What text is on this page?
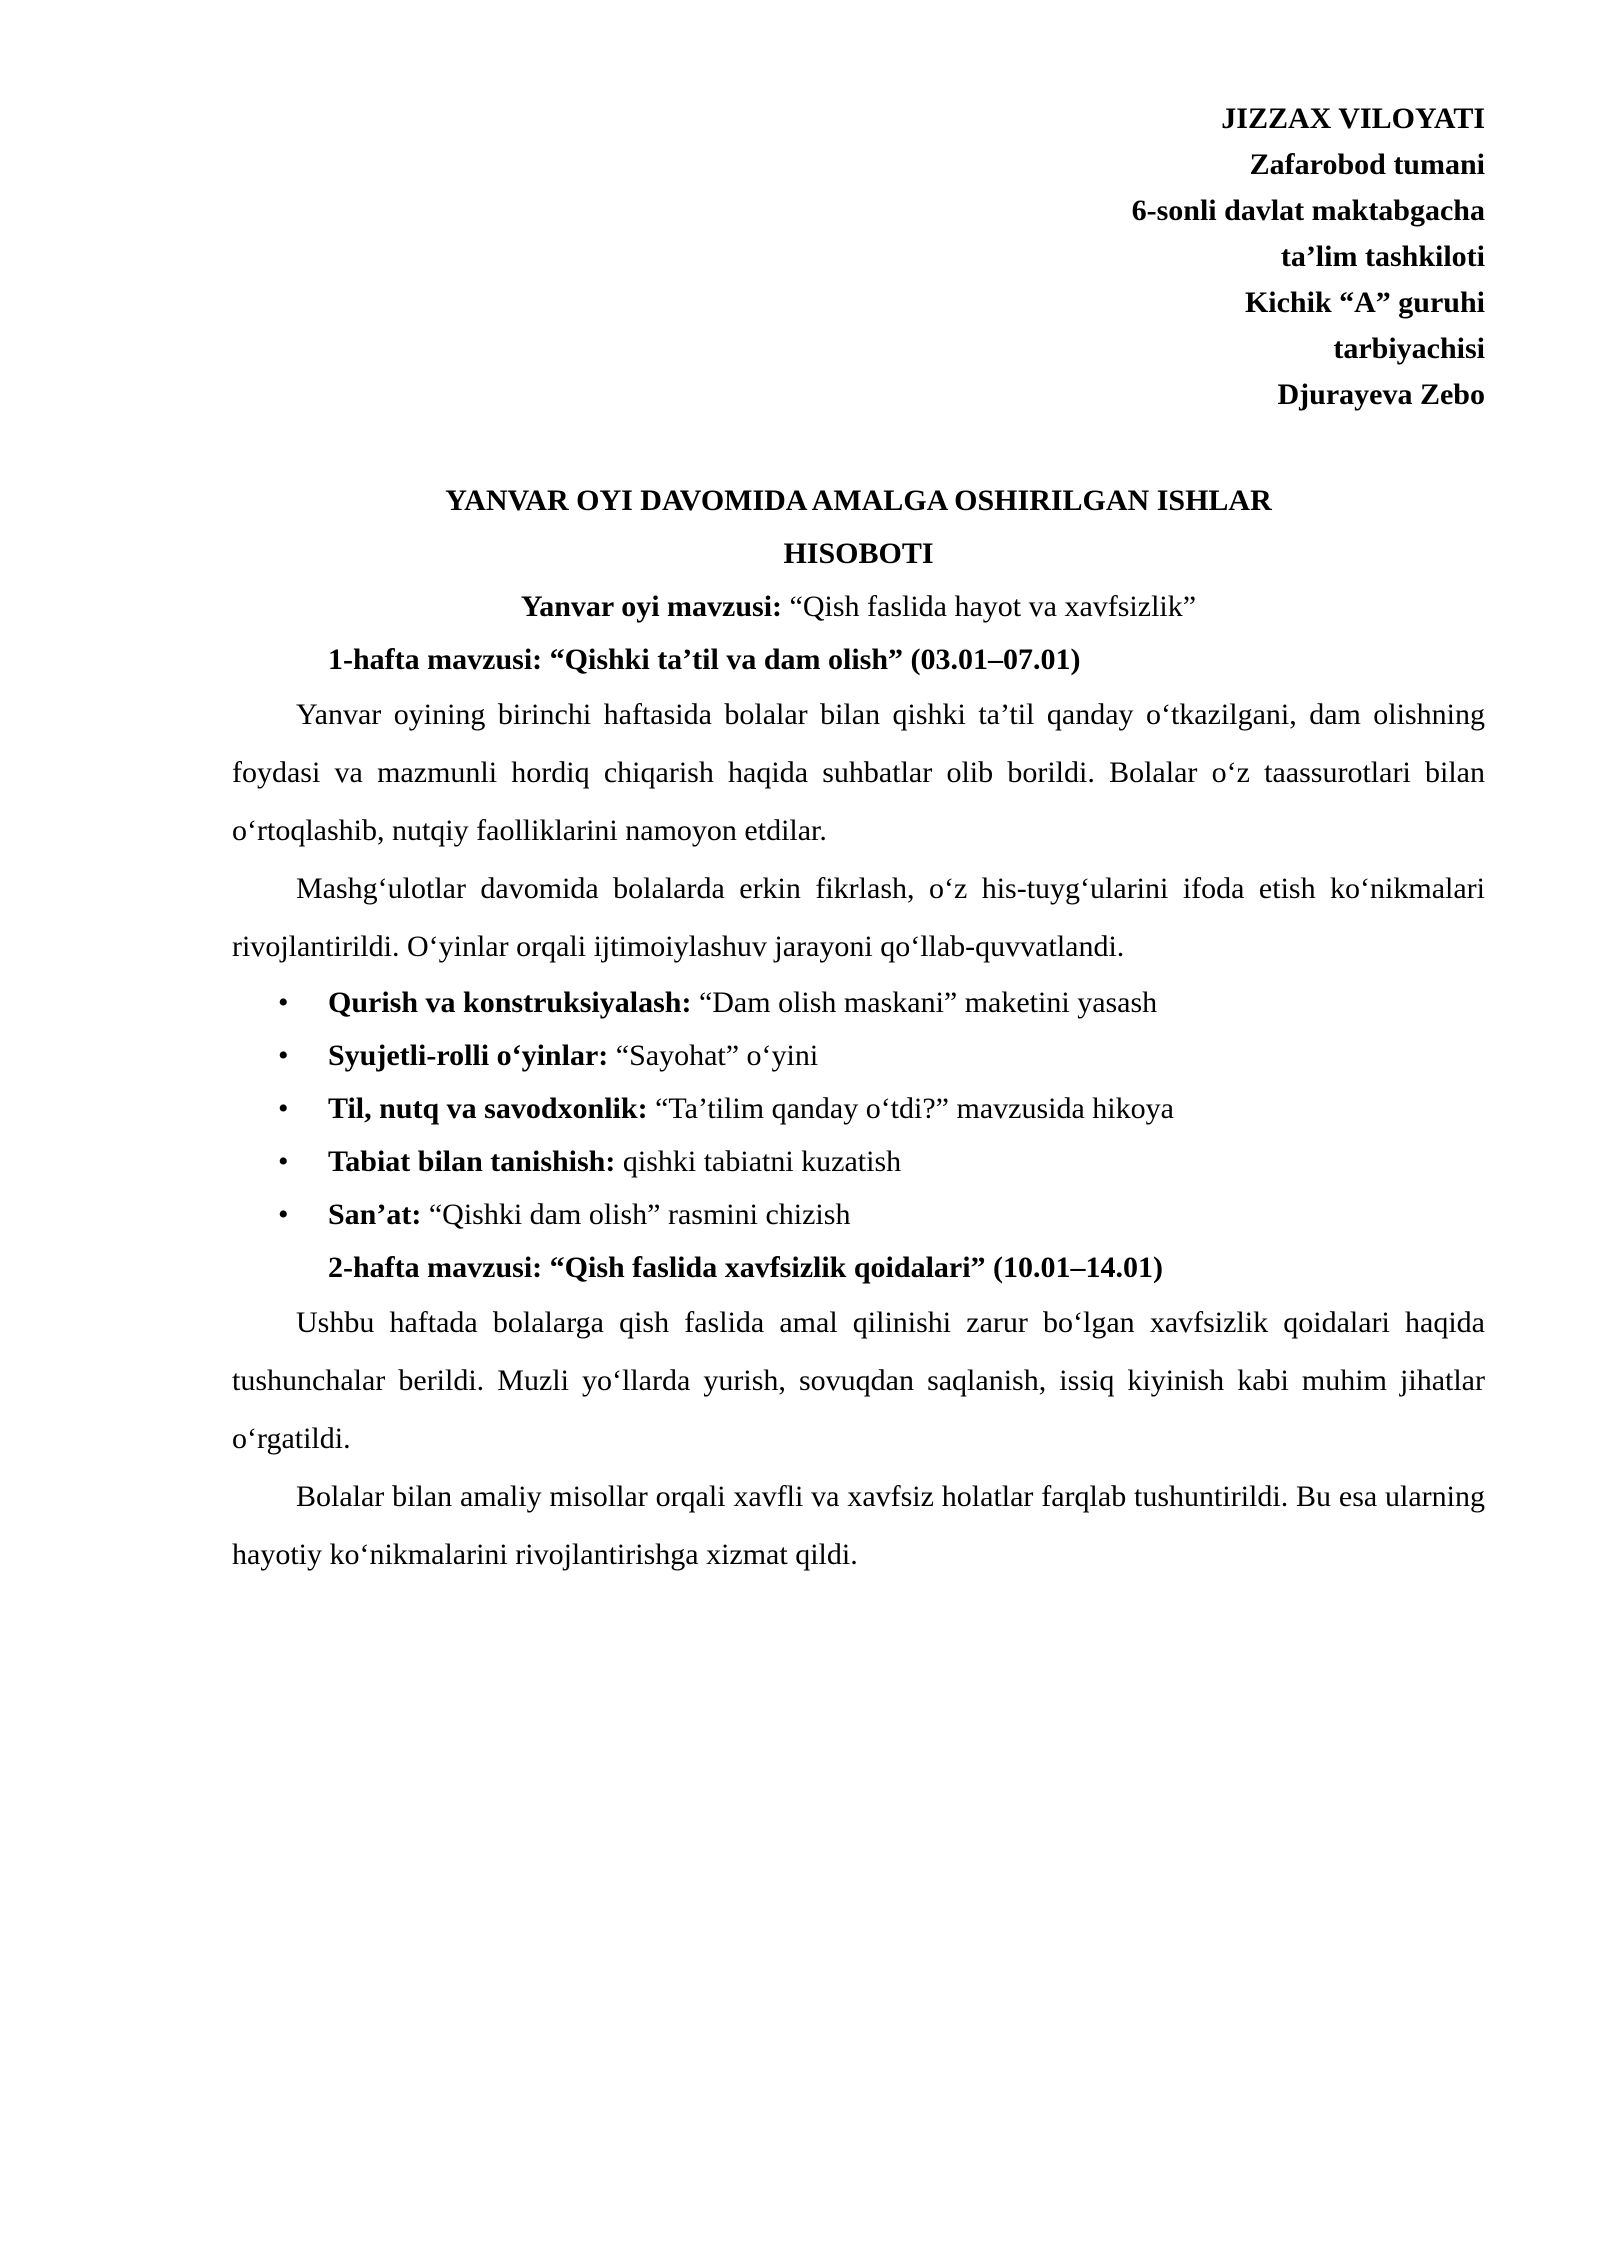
JIZZAX VILOYATI
Zafarobod tumani
6-sonli davlat maktabgacha
ta’lim tashkiloti
Kichik “A” guruhi
tarbiyachisi
Djurayeva Zebo
YANVAR OYI DAVOMIDA AMALGA OSHIRILGAN ISHLAR
HISOBOTI

Yanvar oyi mavzusi: “Qish faslida hayot va xavfsizlik”

1-hafta mavzusi: “Qishki ta’til va dam olish” (03.01–07.01)

Yanvar oyining birinchi haftasida bolalar bilan qishki ta’til qanday o‘tkazilgani, dam olishning foydasi va mazmunli hordiq chiqarish haqida suhbatlar olib borildi. Bolalar o‘z taassurotlari bilan o‘rtoqlashib, nutqiy faolliklarini namoyon etdilar.

Mashg‘ulotlar davomida bolalarda erkin fikrlash, o‘z his-tuyg‘ularini ifoda etish ko‘nikmalari rivojlantirildi. O‘yinlar orqali ijtimoiylashuv jarayoni qo‘llab-quvvatlandi.

• Qurish va konstruksiyalash: “Dam olish maskani” maketini yasash
• Syujetli-rolli o‘yinlar: “Sayohat” o‘yini
• Til, nutq va savodxonlik: “Ta’tilim qanday o‘tdi?” mavzusida hikoya
• Tabiat bilan tanishish: qishki tabiatni kuzatish
• San’at: “Qishki dam olish” rasmini chizish

2-hafta mavzusi: “Qish faslida xavfsizlik qoidalari” (10.01–14.01)

Ushbu haftada bolalarga qish faslida amal qilinishi zarur bo‘lgan xavfsizlik qoidalari haqida tushunchalar berildi. Muzli yo‘llarda yurish, sovuqdan saqlanish, issiq kiyinish kabi muhim jihatlar o‘rgatildi.

Bolalar bilan amaliy misollar orqali xavfli va xavfsiz holatlar farqlab tushuntirildi. Bu esa ularning hayotiy ko‘nikmalarini rivojlantirishga xizmat qildi.
